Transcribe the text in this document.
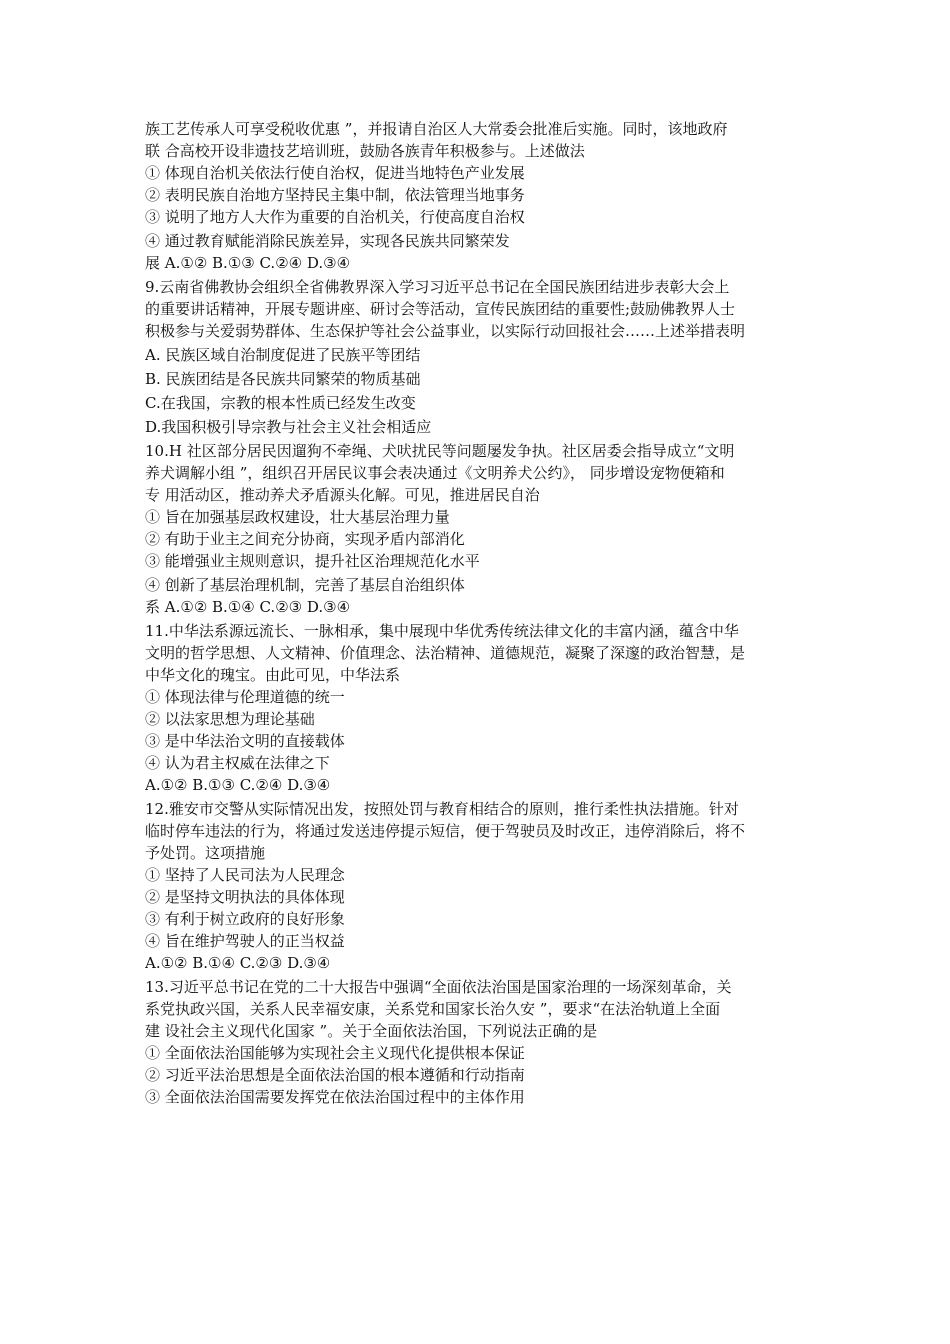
族工艺传承人可享受税收优惠 ”，并报请自治区人大常委会批准后实施。同时，该地政府
联 合高校开设非遗技艺培训班，鼓励各族青年积极参与。上述做法
① 体现自治机关依法行使自治权，促进当地特色产业发展
② 表明民族自治地方坚持民主集中制，依法管理当地事务
③ 说明了地方人大作为重要的自治机关，行使高度自治权
④ 通过教育赋能消除民族差异，实现各民族共同繁荣发
展 A.①② B.①③ C.②④ D.③④
9.云南省佛教协会组织全省佛教界深入学习习近平总书记在全国民族团结进步表彰大会上
的重要讲话精神，开展专题讲座、研讨会等活动，宣传民族团结的重要性;鼓励佛教界人士
积极参与关爱弱势群体、生态保护等社会公益事业，以实际行动回报社会……上述举措表明
A. 民族区域自治制度促进了民族平等团结
B. 民族团结是各民族共同繁荣的物质基础
C.在我国，宗教的根本性质已经发生改变
D.我国积极引导宗教与社会主义社会相适应
10.H 社区部分居民因遛狗不牵绳、犬吠扰民等问题屡发争执。社区居委会指导成立“文明
养犬调解小组 ”，组织召开居民议事会表决通过《文明养犬公约》， 同步增设宠物便箱和
专 用活动区，推动养犬矛盾源头化解。可见，推进居民自治
① 旨在加强基层政权建设，壮大基层治理力量
② 有助于业主之间充分协商，实现矛盾内部消化
③ 能增强业主规则意识，提升社区治理规范化水平
④ 创新了基层治理机制，完善了基层自治组织体
系 A.①② B.①④ C.②③ D.③④
11.中华法系源远流长、一脉相承，集中展现中华优秀传统法律文化的丰富内涵，蕴含中华
文明的哲学思想、人文精神、价值理念、法治精神、道德规范，凝聚了深邃的政治智慧，是
中华文化的瑰宝。由此可见，中华法系
① 体现法律与伦理道德的统一
② 以法家思想为理论基础
③ 是中华法治文明的直接载体
④ 认为君主权威在法律之下
A.①② B.①③ C.②④ D.③④
12.雅安市交警从实际情况出发，按照处罚与教育相结合的原则，推行柔性执法措施。针对
临时停车违法的行为，将通过发送违停提示短信，便于驾驶员及时改正，违停消除后，将不
予处罚。这项措施
① 坚持了人民司法为人民理念
② 是坚持文明执法的具体体现
③ 有利于树立政府的良好形象
④ 旨在维护驾驶人的正当权益
A.①② B.①④ C.②③ D.③④
13.习近平总书记在党的二十大报告中强调“全面依法治国是国家治理的一场深刻革命，关
系党执政兴国，关系人民幸福安康，关系党和国家长治久安 ”，要求“在法治轨道上全面
建 设社会主义现代化国家 ”。关于全面依法治国，下列说法正确的是
① 全面依法治国能够为实现社会主义现代化提供根本保证
② 习近平法治思想是全面依法治国的根本遵循和行动指南
③ 全面依法治国需要发挥党在依法治国过程中的主体作用
